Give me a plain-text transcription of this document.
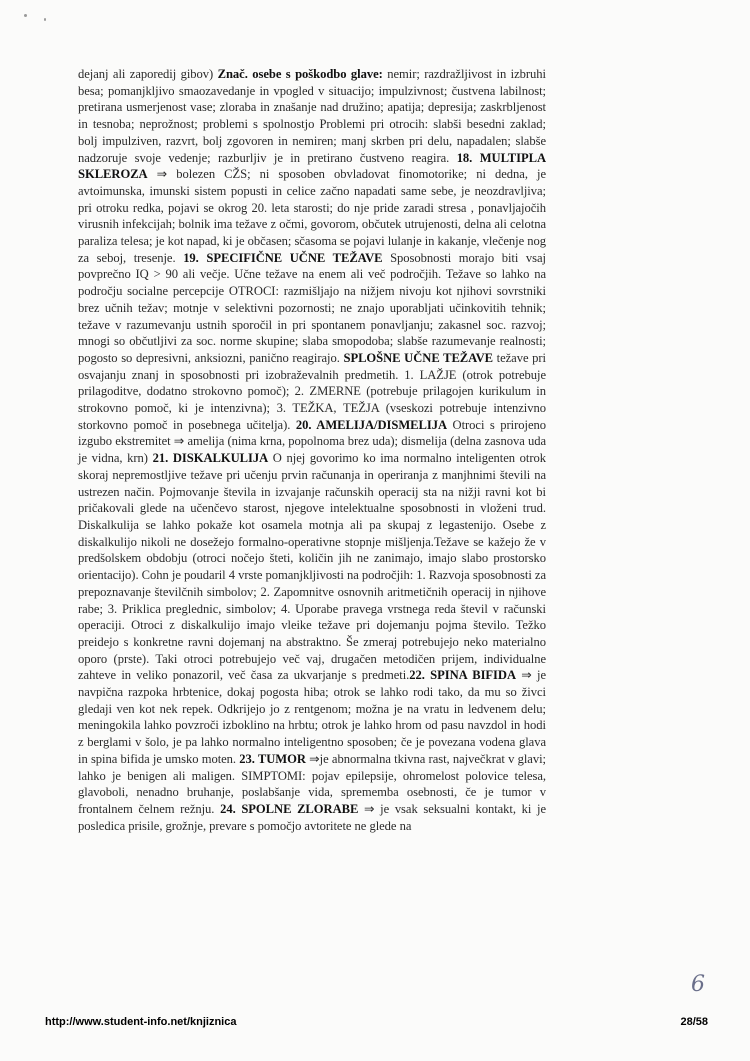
dejanj ali zaporedij gibov) Znač. osebe s poškodbo glave: nemir; razdražljivost in izbruhi besa; pomanjkljivo smaozavedanje in vpogled v situacijo; impulzivnost; čustvena labilnost; pretirana usmerjenost vase; zloraba in znašanje nad družino; apatija; depresija; zaskrbljenost in tesnoba; neprožnost; problemi s spolnostjo Problemi pri otrocih: slabši besedni zaklad; bolj impulziven, razvrt, bolj zgovoren in nemiren; manj skrben pri delu, napadalen; slabše nadzoruje svoje vedenje; razburljiv je in pretirano čustveno reagira. 18. MULTIPLA SKLEROZA ⇒ bolezen CŽS; ni sposoben obvladovat finomotorike; ni dedna, je avtoimunska, imunski sistem popusti in celice začno napadati same sebe, je neozdravljiva; pri otroku redka, pojavi se okrog 20. leta starosti; do nje pride zaradi stresa , ponavljajočih virusnih infekcijah; bolnik ima težave z očmi, govorom, občutek utrujenosti, delna ali celotna paraliza telesa; je kot napad, ki je občasen; sčasoma se pojavi lulanje in kakanje, vlečenje nog za seboj, tresenje. 19. SPECIFIČNE UČNE TEŽAVE Sposobnosti morajo biti vsaj povprečno IQ > 90 ali večje. Učne težave na enem ali več področjih. Težave so lahko na področju socialne percepcije OTROCI: razmišljajo na nižjem nivoju kot njihovi sovrstniki brez učnih težav; motnje v selektivni pozornosti; ne znajo uporabljati učinkovitih tehnik; težave v razumevanju ustnih sporočil in pri spontanem ponavljanju; zakasnel soc. razvoj; mnogi so občutljivi za soc. norme skupine; slaba smopodoba; slabše razumevanje realnosti; pogosto so depresivni, anksiozni, panično reagirajo. SPLOŠNE UČNE TEŽAVE težave pri osvajanju znanj in sposobnosti pri izobraževalnih predmetih. 1. LAŽJE (otrok potrebuje prilagoditve, dodatno strokovno pomoč); 2. ZMERNE (potrebuje prilagojen kurikulum in strokovno pomoč, ki je intenzivna); 3. TEŽKA, TEŽJA (vseskozi potrebuje intenzivno storkovno pomoč in posebnega učitelja). 20. AMELIJA/DISMELIJA Otroci s prirojeno izgubo ekstremitet ⇒ amelija (nima krna, popolnoma brez uda); dismelija (delna zasnova uda je vidna, krn) 21. DISKALKULIJA O njej govorimo ko ima normalno inteligenten otrok skoraj nepremostljive težave pri učenju prvin računanja in operiranja z manjhnimi števili na ustrezen način. Pojmovanje števila in izvajanje računskih operacij sta na nižji ravni kot bi pričakovali glede na učenčevo starost, njegove intelektualne sposobnosti in vloženi trud. Diskalkulija se lahko pokaže kot osamela motnja ali pa skupaj z legastenijo. Osebe z diskalkulijo nikoli ne dosežejo formalno-operativne stopnje mišljenja.Težave se kažejo že v predšolskem obdobju (otroci nočejo šteti, količin jih ne zanimajo, imajo slabo prostorsko orientacijo). Cohn je poudaril 4 vrste pomanjkljivosti na področjih: 1. Razvoja sposobnosti za prepoznavanje številčnih simbolov; 2. Zapomnitve osnovnih aritmetičnih operacij in njihove rabe; 3. Priklica preglednic, simbolov; 4. Uporabe pravega vrstnega reda števil v računski operaciji. Otroci z diskalkulijo imajo vleike težave pri dojemanju pojma število. Težko preidejo s konkretne ravni dojemanj na abstraktno. Še zmeraj potrebujejo neko materialno oporo (prste). Taki otroci potrebujejo več vaj, drugačen metodičen prijem, individualne zahteve in veliko ponazoril, več časa za ukvarjanje s predmeti.22. SPINA BIFIDA ⇒ je navpična razpoka hrbtenice, dokaj pogosta hiba; otrok se lahko rodi tako, da mu so živci gledaji ven kot nek repek. Odkrijejo jo z rentgenom; možna je na vratu in ledvenem delu; meningokila lahko povzroči izboklino na hrbtu; otrok je lahko hrom od pasu navzdol in hodi z berglami v šolo, je pa lahko normalno inteligentno sposoben; če je povezana vodena glava in spina bifida je umsko moten. 23. TUMOR ⇒je abnormalna tkivna rast, največkrat v glavi; lahko je benigen ali maligen. SIMPTOMI: pojav epilepsije, ohromelost polovice telesa, glavoboli, nenadno bruhanje, poslabšanje vida, sprememba osebnosti, če je tumor v frontalnem čelnem režnju. 24. SPOLNE ZLORABE ⇒ je vsak seksualni kontakt, ki je posledica prisile, grožnje, prevare s pomočjo avtoritete ne glede na
6
http://www.student-info.net/knjiznica	28/58
